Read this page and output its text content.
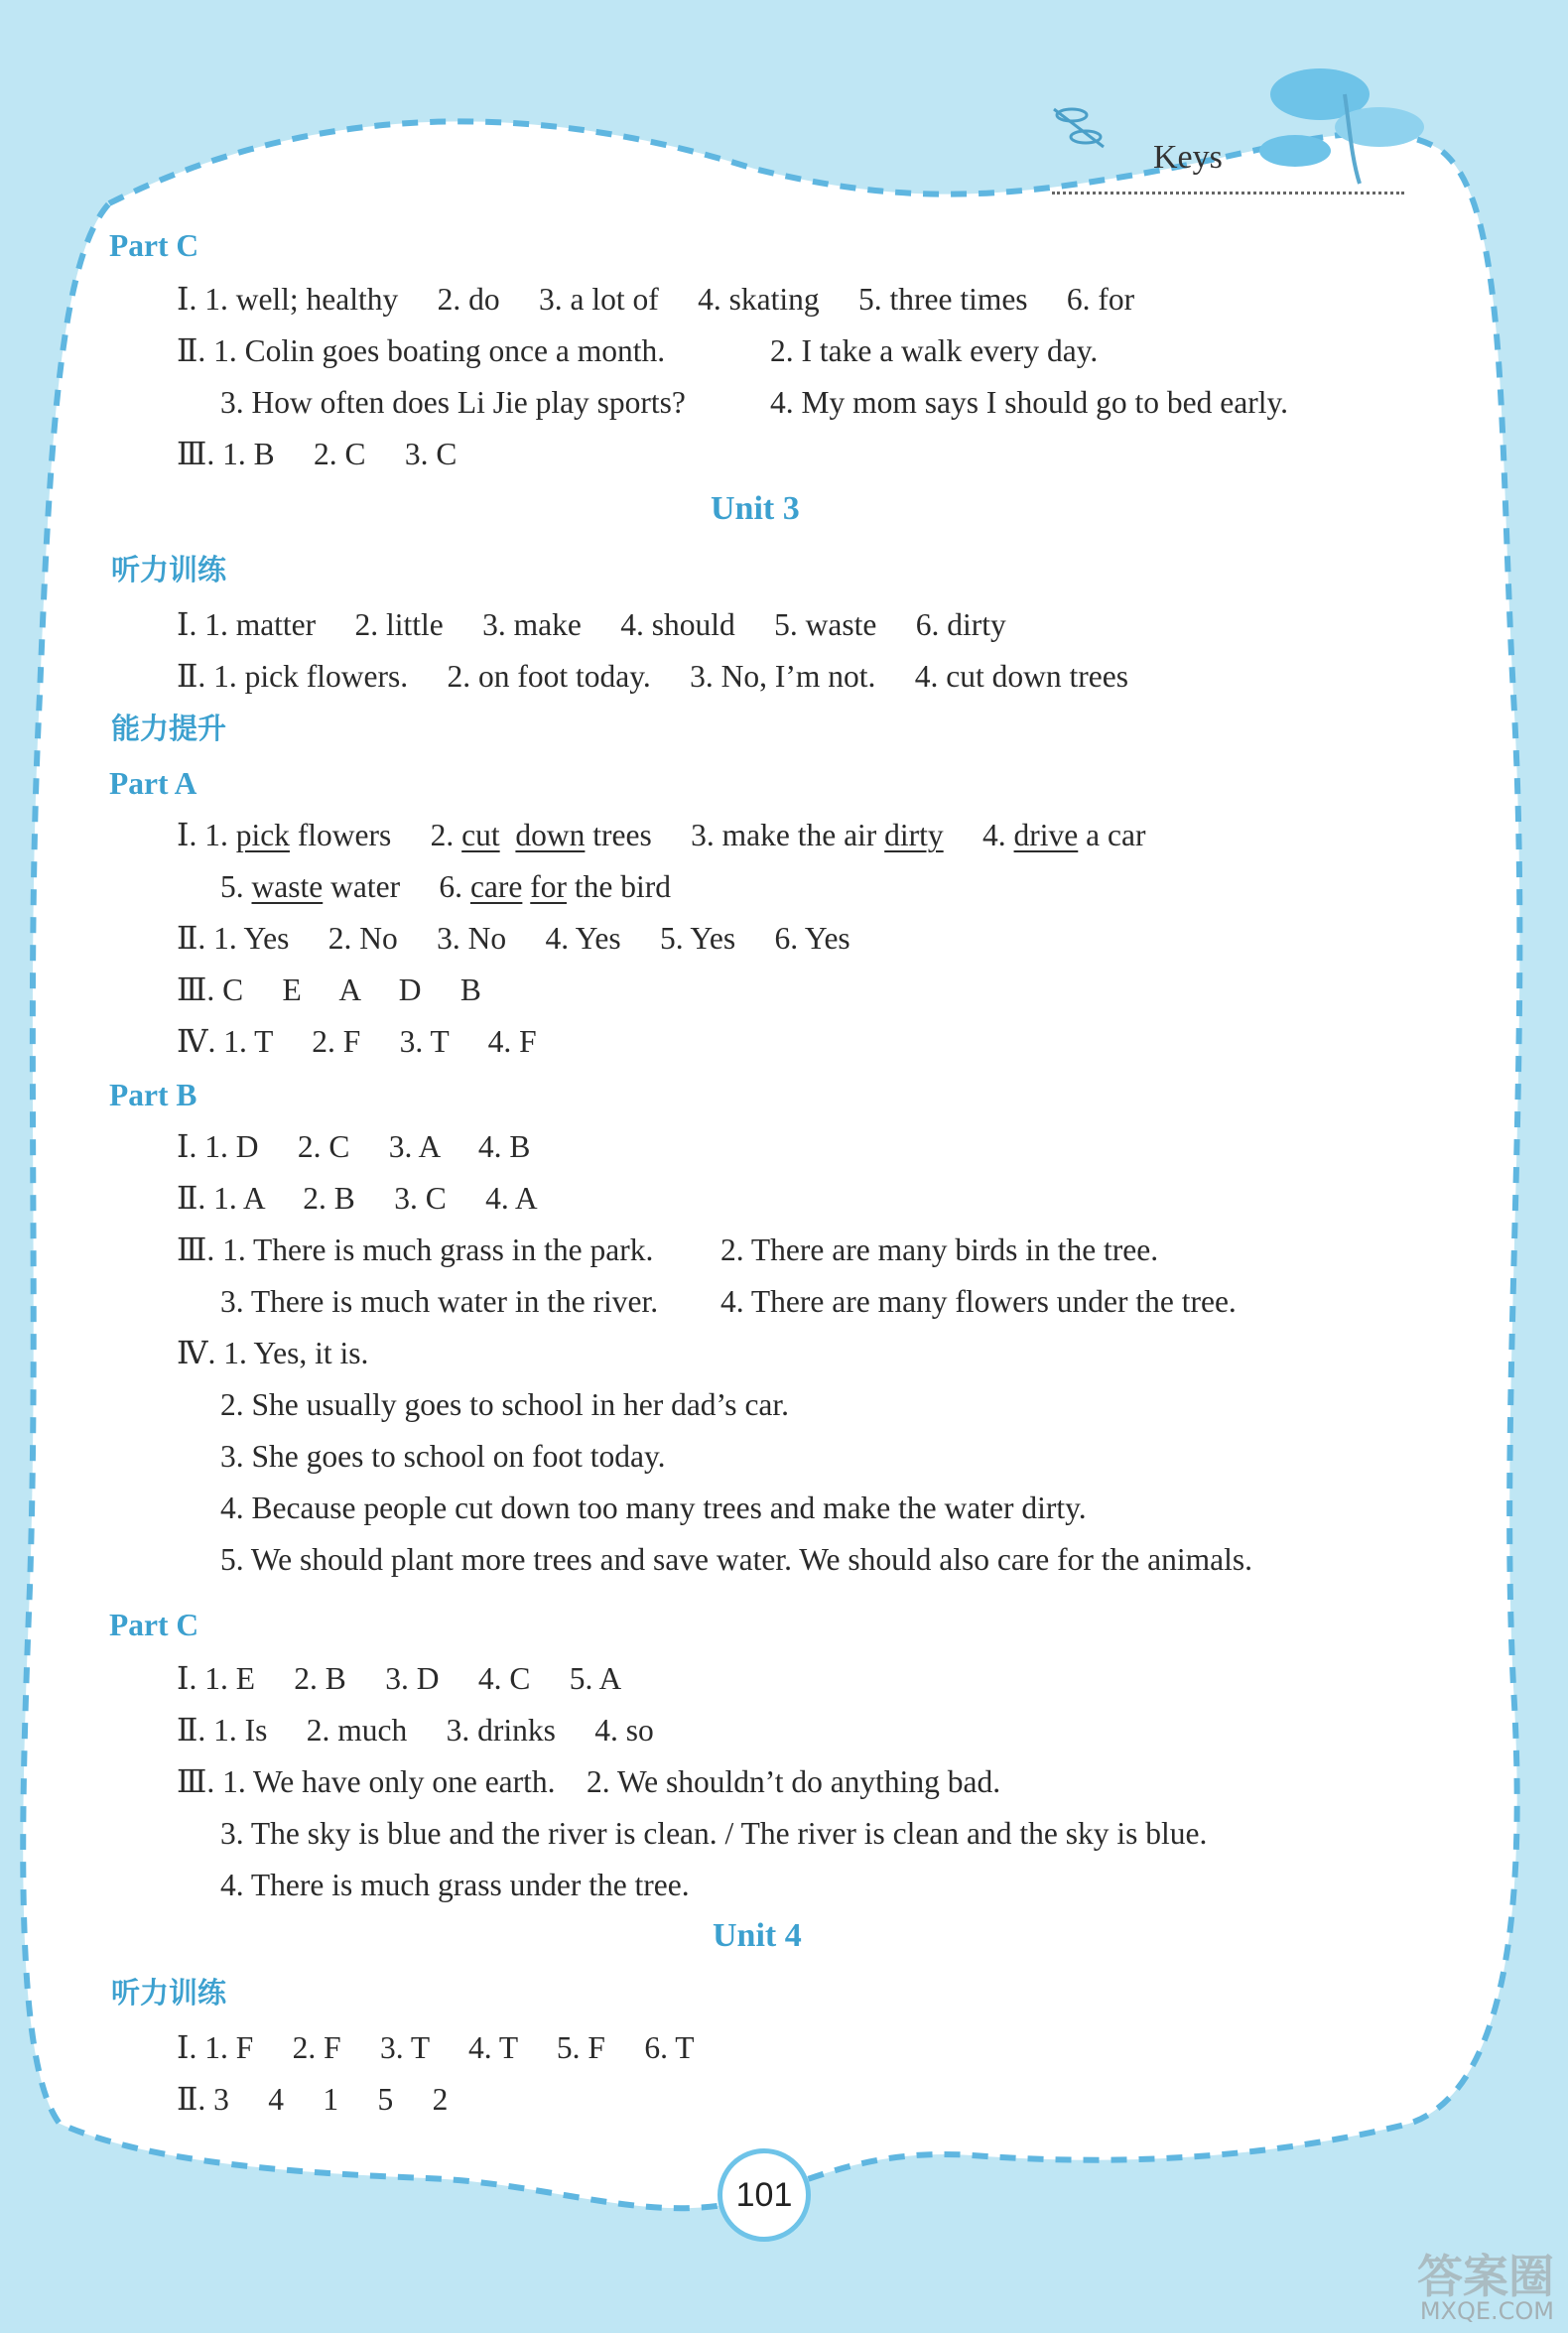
Keys
Part C
Ⅰ. 1. well; healthy     2. do     3. a lot of     4. skating     5. three times     6. for
Ⅱ. 1. Colin goes boating once a month.	2. I take a walk every day.
3. How often does Li Jie play sports?	4. My mom says I should go to bed early.
Ⅲ. 1. B     2. C     3. C
Unit 3
听力训练
Ⅰ. 1. matter     2. little     3. make     4. should     5. waste     6. dirty
Ⅱ. 1. pick flowers.     2. on foot today.     3. No, I’m not.     4. cut down trees
能力提升
Part A
Ⅰ. 1. pick flowers     2. cut down trees     3. make the air dirty     4. drive a car
5. waste water     6. care for the bird
Ⅱ. 1. Yes     2. No     3. No     4. Yes     5. Yes     6. Yes
Ⅲ. C     E     A     D     B
Ⅳ. 1. T     2. F     3. T     4. F
Part B
Ⅰ. 1. D     2. C     3. A     4. B
Ⅱ. 1. A     2. B     3. C     4. A
Ⅲ. 1. There is much grass in the park. 2. There are many birds in the tree.
3. There is much water in the river. 4. There are many flowers under the tree.
Ⅳ. 1. Yes, it is.
2. She usually goes to school in her dad’s car.
3. She goes to school on foot today.
4. Because people cut down too many trees and make the water dirty.
5. We should plant more trees and save water. We should also care for the animals.
Part C
Ⅰ. 1. E     2. B     3. D     4. C     5. A
Ⅱ. 1. Is     2. much     3. drinks     4. so
Ⅲ. 1. We have only one earth.    2. We shouldn’t do anything bad.
3. The sky is blue and the river is clean. / The river is clean and the sky is blue.
4. There is much grass under the tree.
Unit 4
听力训练
Ⅰ. 1. F     2. F     3. T     4. T     5. F     6. T
Ⅱ. 3     4     1     5     2
101
答案圈
MXQE.COM
